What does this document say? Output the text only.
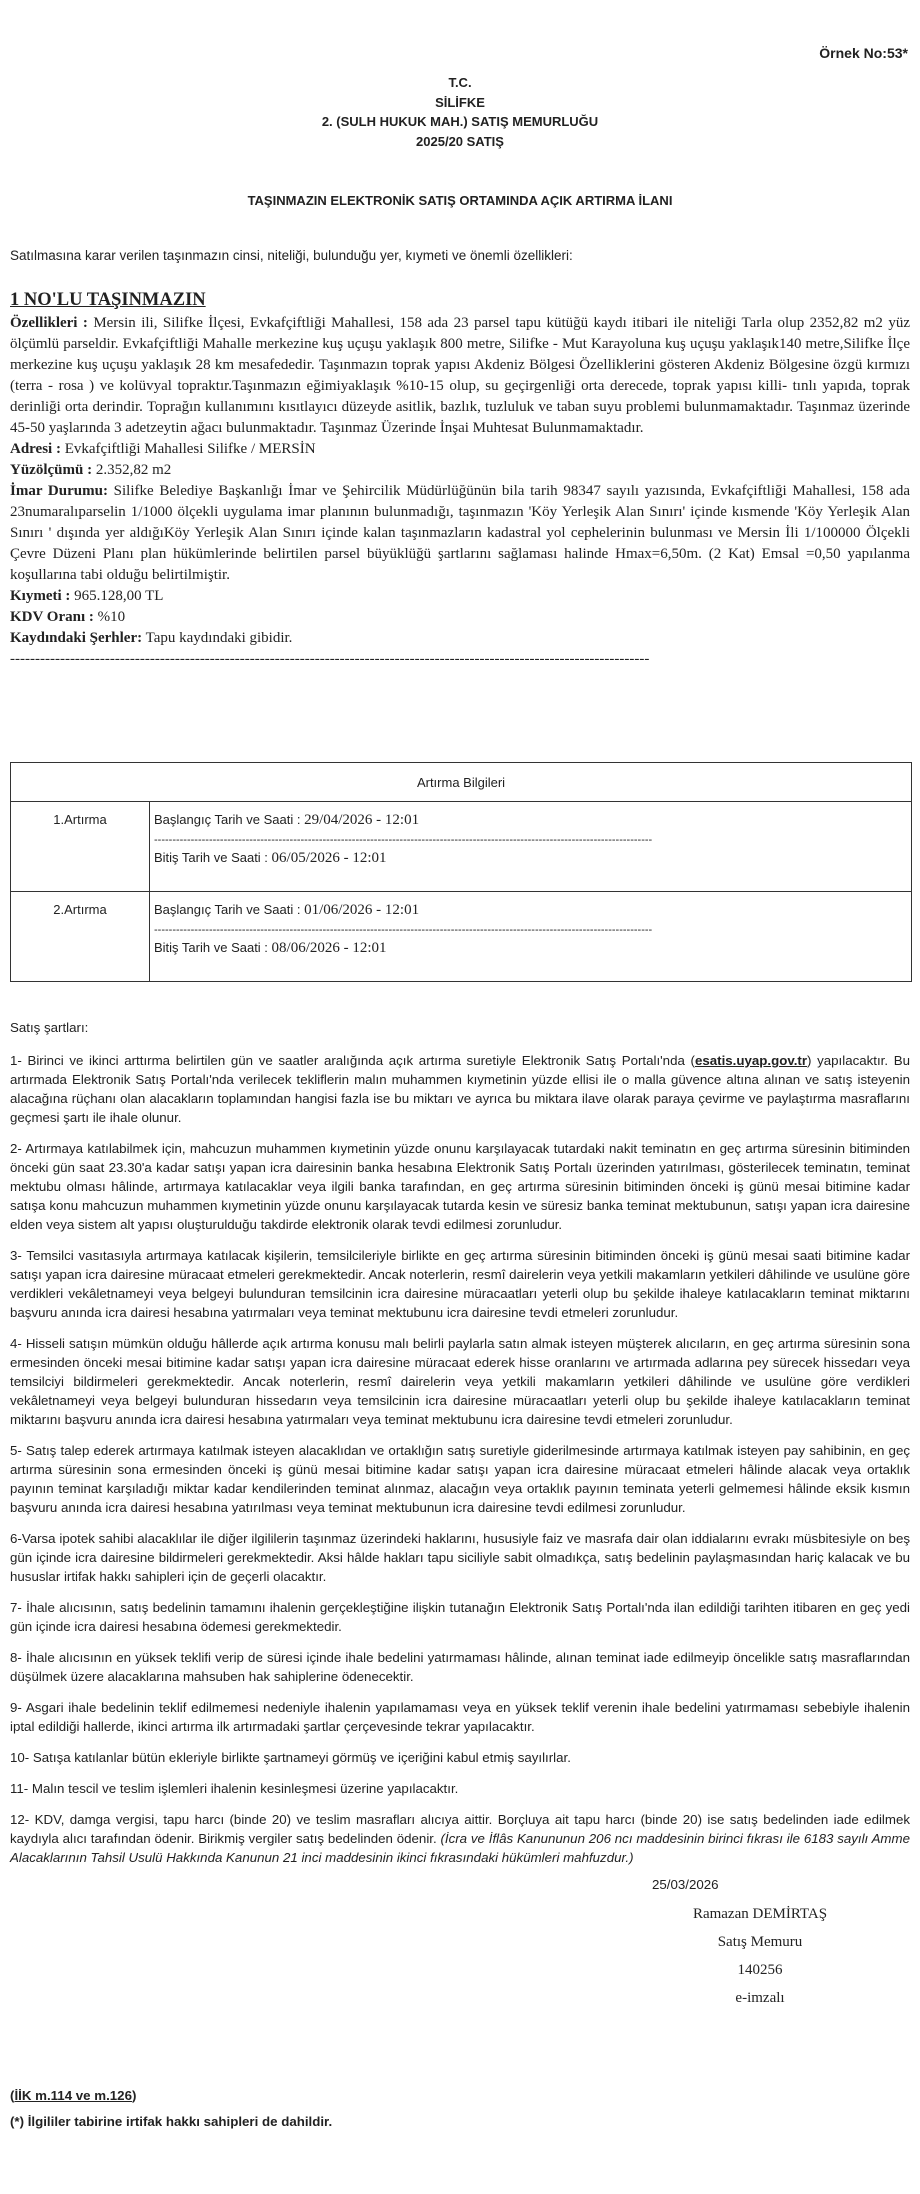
Örnek No:53*
T.C.
SİLİFKE
2. (SULH HUKUK MAH.) SATIŞ MEMURLUĞU
2025/20 SATIŞ
TAŞINMAZIN ELEKTRONİK SATIŞ ORTAMINDA AÇIK ARTIRMA İLANI
Satılmasına karar verilen taşınmazın cinsi, niteliği, bulunduğu yer, kıymeti ve önemli özellikleri:
1 NO'LU TAŞINMAZIN

Özellikleri : Mersin ili, Silifke İlçesi, Evkafçiftliği Mahallesi, 158 ada 23 parsel tapu kütüğü kaydı itibari ile niteliği Tarla olup 2352,82 m2 yüz ölçümlü parseldir. Evkafçiftliği Mahalle merkezine kuş uçuşu yaklaşık 800 metre, Silifke - Mut Karayoluna kuş uçuşu yaklaşık140 metre,Silifke İlçe merkezine kuş uçuşu yaklaşık 28 km mesafededir. Taşınmazın toprak yapısı Akdeniz Bölgesi Özelliklerini gösteren Akdeniz Bölgesine özgü kırmızı (terra - rosa ) ve kolüvyal topraktır.Taşınmazın eğimiyaklaşık %10-15 olup, su geçirgenliği orta derecede, toprak yapısı killi- tınlı yapıda, toprak derinliği orta derindir. Toprağın kullanımını kısıtlayıcı düzeyde asitlik, bazlık, tuzluluk ve taban suyu problemi bulunmamaktadır. Taşınmaz üzerinde 45-50 yaşlarında 3 adetzeytin ağacı bulunmaktadır. Taşınmaz Üzerinde İnşai Muhtesat Bulunmamaktadır.

Adresi : Evkafçiftliği Mahallesi Silifke / MERSİN

Yüzölçümü : 2.352,82 m2

İmar Durumu: Silifke Belediye Başkanlığı İmar ve Şehircilik Müdürlüğünün bila tarih 98347 sayılı yazısında, Evkafçiftliği Mahallesi, 158 ada 23numaralıparselin 1/1000 ölçekli uygulama imar planının bulunmadığı, taşınmazın 'Köy Yerleşik Alan Sınırı' içinde kısmende 'Köy Yerleşik Alan Sınırı ' dışında yer aldığıKöy Yerleşik Alan Sınırı içinde kalan taşınmazların kadastral yol cephelerinin bulunması ve Mersin İli 1/100000 Ölçekli Çevre Düzeni Planı plan hükümlerinde belirtilen parsel büyüklüğü şartlarını sağlaması halinde Hmax=6,50m. (2 Kat) Emsal =0,50 yapılanma koşullarına tabi olduğu belirtilmiştir.

Kıymeti : 965.128,00 TL

KDV Oranı : %10

Kaydındaki Şerhler: Tapu kaydındaki gibidir.

--------------------------------------------------------------------------------------------------------------------------------

Artırma Bilgileri	
1.Artırma	Başlangıç Tarih ve Saati : 29/04/2026 - 12:01
----------------------------------------------------------------------------------------------------------------------------------------
Bitiş Tarih ve Saati : 06/05/2026 - 12:01

2.Artırma	Başlangıç Tarih ve Saati : 01/06/2026 - 12:01
----------------------------------------------------------------------------------------------------------------------------------------
Bitiş Tarih ve Saati : 08/06/2026 - 12:01

Satış şartları:

1- Birinci ve ikinci arttırma belirtilen gün ve saatler aralığında açık artırma suretiyle Elektronik Satış Portalı'nda (esatis.uyap.gov.tr) yapılacaktır. Bu artırmada Elektronik Satış Portalı'nda verilecek tekliflerin malın muhammen kıymetinin yüzde ellisi ile o malla güvence altına alınan ve satış isteyenin alacağına rüçhanı olan alacakların toplamından hangisi fazla ise bu miktarı ve ayrıca bu miktara ilave olarak paraya çevirme ve paylaştırma masraflarını geçmesi şartı ile ihale olunur.

2- Artırmaya katılabilmek için, mahcuzun muhammen kıymetinin yüzde onunu karşılayacak tutardaki nakit teminatın en geç artırma süresinin bitiminden önceki gün saat 23.30'a kadar satışı yapan icra dairesinin banka hesabına Elektronik Satış Portalı üzerinden yatırılması, gösterilecek teminatın, teminat mektubu olması hâlinde, artırmaya katılacaklar veya ilgili banka tarafından, en geç artırma süresinin bitiminden önceki iş günü mesai bitimine kadar satışa konu mahcuzun muhammen kıymetinin yüzde onunu karşılayacak tutarda kesin ve süresiz banka teminat mektubunun, satışı yapan icra dairesine elden veya sistem alt yapısı oluşturulduğu takdirde elektronik olarak tevdi edilmesi zorunludur.

3- Temsilci vasıtasıyla artırmaya katılacak kişilerin, temsilcileriyle birlikte en geç artırma süresinin bitiminden önceki iş günü mesai saati bitimine kadar satışı yapan icra dairesine müracaat etmeleri gerekmektedir. Ancak noterlerin, resmî dairelerin veya yetkili makamların yetkileri dâhilinde ve usulüne göre verdikleri vekâletnameyi veya belgeyi bulunduran temsilcinin icra dairesine müracaatları yeterli olup bu şekilde ihaleye katılacakların teminat miktarını başvuru anında icra dairesi hesabına yatırmaları veya teminat mektubunu icra dairesine tevdi etmeleri zorunludur.

4- Hisseli satışın mümkün olduğu hâllerde açık artırma konusu malı belirli paylarla satın almak isteyen müşterek alıcıların, en geç artırma süresinin sona ermesinden önceki mesai bitimine kadar satışı yapan icra dairesine müracaat ederek hisse oranlarını ve artırmada adlarına pey sürecek hissedarı veya temsilciyi bildirmeleri gerekmektedir. Ancak noterlerin, resmî dairelerin veya yetkili makamların yetkileri dâhilinde ve usulüne göre verdikleri vekâletnameyi veya belgeyi bulunduran hissedarın veya temsilcinin icra dairesine müracaatları yeterli olup bu şekilde ihaleye katılacakların teminat miktarını başvuru anında icra dairesi hesabına yatırmaları veya teminat mektubunu icra dairesine tevdi etmeleri zorunludur.

5- Satış talep ederek artırmaya katılmak isteyen alacaklıdan ve ortaklığın satış suretiyle giderilmesinde artırmaya katılmak isteyen pay sahibinin, en geç artırma süresinin sona ermesinden önceki iş günü mesai bitimine kadar satışı yapan icra dairesine müracaat etmeleri hâlinde alacak veya ortaklık payının teminat karşıladığı miktar kadar kendilerinden teminat alınmaz, alacağın veya ortaklık payının teminata yeterli gelmemesi hâlinde eksik kısmın başvuru anında icra dairesi hesabına yatırılması veya teminat mektubunun icra dairesine tevdi edilmesi zorunludur.

6-Varsa ipotek sahibi alacaklılar ile diğer ilgililerin taşınmaz üzerindeki haklarını, hususiyle faiz ve masrafa dair olan iddialarını evrakı müsbitesiyle on beş gün içinde icra dairesine bildirmeleri gerekmektedir. Aksi hâlde hakları tapu siciliyle sabit olmadıkça, satış bedelinin paylaşmasından hariç kalacak ve bu hususlar irtifak hakkı sahipleri için de geçerli olacaktır.

7- İhale alıcısının, satış bedelinin tamamını ihalenin gerçekleştiğine ilişkin tutanağın Elektronik Satış Portalı'nda ilan edildiği tarihten itibaren en geç yedi gün içinde icra dairesi hesabına ödemesi gerekmektedir.

8- İhale alıcısının en yüksek teklifi verip de süresi içinde ihale bedelini yatırmaması hâlinde, alınan teminat iade edilmeyip öncelikle satış masraflarından düşülmek üzere alacaklarına mahsuben hak sahiplerine ödenecektir.

9- Asgari ihale bedelinin teklif edilmemesi nedeniyle ihalenin yapılamaması veya en yüksek teklif verenin ihale bedelini yatırmaması sebebiyle ihalenin iptal edildiği hallerde, ikinci artırma ilk artırmadaki şartlar çerçevesinde tekrar yapılacaktır.

10- Satışa katılanlar bütün ekleriyle birlikte şartnameyi görmüş ve içeriğini kabul etmiş sayılırlar.

11- Malın tescil ve teslim işlemleri ihalenin kesinleşmesi üzerine yapılacaktır.

12- KDV, damga vergisi, tapu harcı (binde 20) ve teslim masrafları alıcıya aittir. Borçluya ait tapu harcı (binde 20) ise satış bedelinden iade edilmek kaydıyla alıcı tarafından ödenir. Birikmiş vergiler satış bedelinden ödenir. (İcra ve İflâs Kanununun 206 ncı maddesinin birinci fıkrası ile 6183 sayılı Amme Alacaklarının Tahsil Usulü Hakkında Kanunun 21 inci maddesinin ikinci fıkrasındaki hükümleri mahfuzdur.)

25/03/2026
Ramazan DEMİRTAŞ
Satış Memuru
140256
e-imzalı
(İİK m.114 ve m.126)
(*) İlgililer tabirine irtifak hakkı sahipleri de dahildir.
